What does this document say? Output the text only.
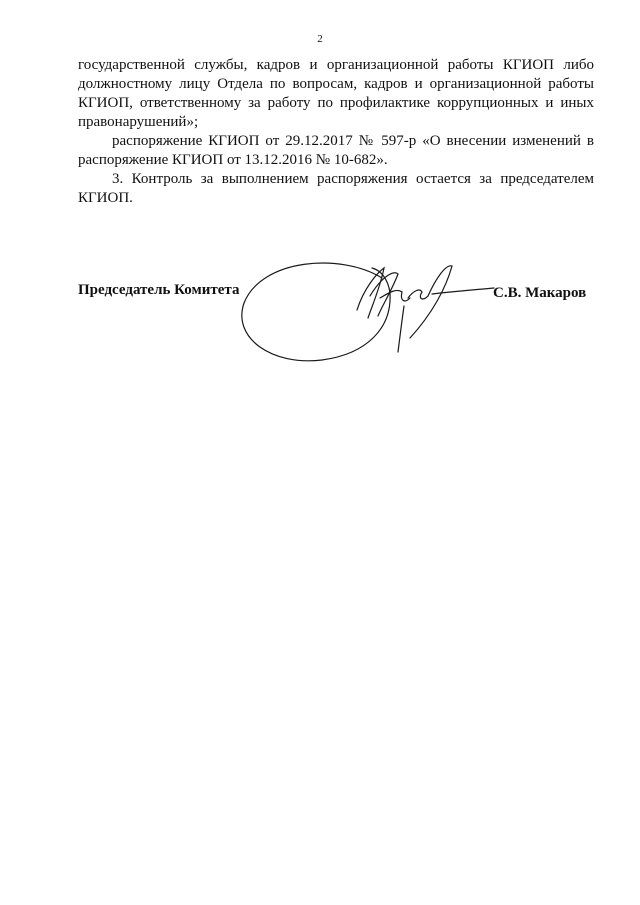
2

государственной службы, кадров и организационной работы КГИОП либо должностному лицу Отдела по вопросам, кадров и организационной работы КГИОП, ответственному за работу по профилактике коррупционных и иных правонарушений»;

распоряжение КГИОП от 29.12.2017 № 597-р «О внесении изменений в распоряжение КГИОП от 13.12.2016 № 10-682».

3. Контроль за выполнением распоряжения остается за председателем КГИОП.

Председатель Комитета	С.В. Макаров
